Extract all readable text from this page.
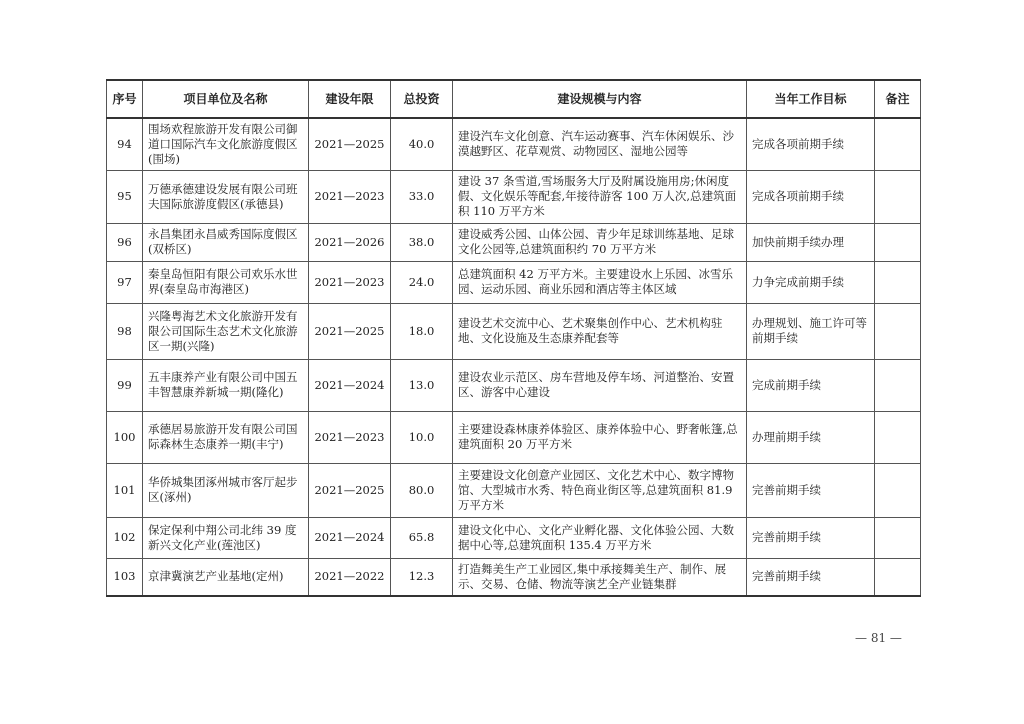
序号	项目单位及名称	建设年限	总投资	建设规模与内容	当年工作目标	备注
94	围场欢程旅游开发有限公司御道口国际汽车文化旅游度假区(围场)	2021—2025	40.0	建设汽车文化创意、汽车运动赛事、汽车休闲娱乐、沙漠越野区、花草观赏、动物园区、湿地公园等	完成各项前期手续	
95	万德承德建设发展有限公司班夫国际旅游度假区(承德县)	2021—2023	33.0	建设 37 条雪道,雪场服务大厅及附属设施用房;休闲度假、文化娱乐等配套,年接待游客 100 万人次,总建筑面积 110 万平方米	完成各项前期手续	
96	永昌集团永昌威秀国际度假区(双桥区)	2021—2026	38.0	建设威秀公园、山体公园、青少年足球训练基地、足球文化公园等,总建筑面积约 70 万平方米	加快前期手续办理	
97	秦皇岛恒阳有限公司欢乐水世界(秦皇岛市海港区)	2021—2023	24.0	总建筑面积 42 万平方米。主要建设水上乐园、冰雪乐园、运动乐园、商业乐园和酒店等主体区域	力争完成前期手续	
98	兴隆粤海艺术文化旅游开发有限公司国际生态艺术文化旅游区一期(兴隆)	2021—2025	18.0	建设艺术交流中心、艺术聚集创作中心、艺术机构驻地、文化设施及生态康养配套等	办理规划、施工许可等前期手续	
99	五丰康养产业有限公司中国五丰智慧康养新城一期(隆化)	2021—2024	13.0	建设农业示范区、房车营地及停车场、河道整治、安置区、游客中心建设	完成前期手续	
100	承德居易旅游开发有限公司国际森林生态康养一期(丰宁)	2021—2023	10.0	主要建设森林康养体验区、康养体验中心、野奢帐篷,总建筑面积 20 万平方米	办理前期手续	
101	华侨城集团涿州城市客厅起步区(涿州)	2021—2025	80.0	主要建设文化创意产业园区、文化艺术中心、数字博物馆、大型城市水秀、特色商业街区等,总建筑面积 81.9 万平方米	完善前期手续	
102	保定保利中翔公司北纬 39 度新兴文化产业(莲池区)	2021—2024	65.8	建设文化中心、文化产业孵化器、文化体验公园、大数据中心等,总建筑面积 135.4 万平方米	完善前期手续	
103	京津冀演艺产业基地(定州)	2021—2022	12.3	打造舞美生产工业园区,集中承接舞美生产、制作、展示、交易、仓储、物流等演艺全产业链集群	完善前期手续	
— 81 —
